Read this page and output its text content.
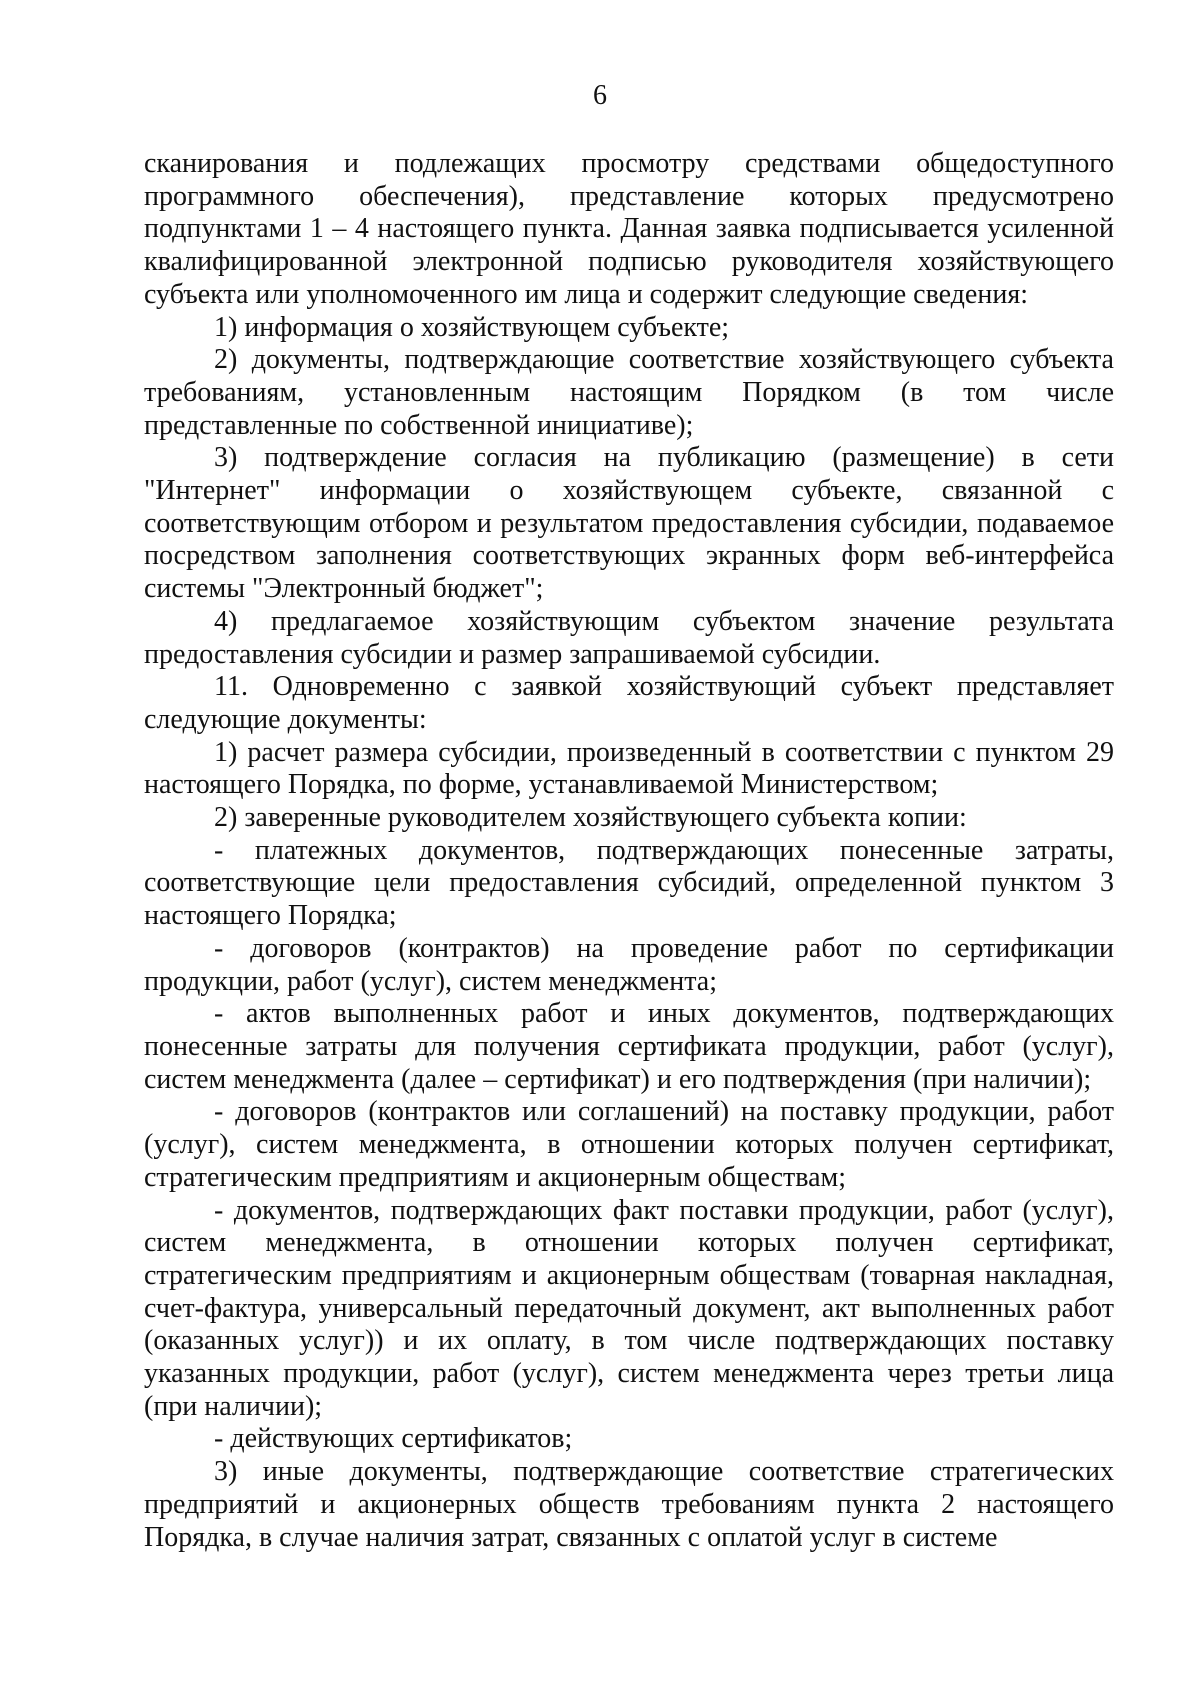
6

сканирования и подлежащих просмотру средствами общедоступного программного обеспечения), представление которых предусмотрено подпунктами 1 – 4 настоящего пункта. Данная заявка подписывается усиленной квалифицированной электронной подписью руководителя хозяйствующего субъекта или уполномоченного им лица и содержит следующие сведения:

1) информация о хозяйствующем субъекте;

2) документы, подтверждающие соответствие хозяйствующего субъекта требованиям, установленным настоящим Порядком (в том числе представленные по собственной инициативе);

3) подтверждение согласия на публикацию (размещение) в сети "Интернет" информации о хозяйствующем субъекте, связанной с соответствующим отбором и результатом предоставления субсидии, подаваемое посредством заполнения соответствующих экранных форм веб-интерфейса системы "Электронный бюджет";

4) предлагаемое хозяйствующим субъектом значение результата предоставления субсидии и размер запрашиваемой субсидии.

11. Одновременно с заявкой хозяйствующий субъект представляет следующие документы:

1) расчет размера субсидии, произведенный в соответствии с пунктом 29 настоящего Порядка, по форме, устанавливаемой Министерством;

2) заверенные руководителем хозяйствующего субъекта копии:

- платежных документов, подтверждающих понесенные затраты, соответствующие цели предоставления субсидий, определенной пунктом 3 настоящего Порядка;

- договоров (контрактов) на проведение работ по сертификации продукции, работ (услуг), систем менеджмента;

- актов выполненных работ и иных документов, подтверждающих понесенные затраты для получения сертификата продукции, работ (услуг), систем менеджмента (далее – сертификат) и его подтверждения (при наличии);

- договоров (контрактов или соглашений) на поставку продукции, работ (услуг), систем менеджмента, в отношении которых получен сертификат, стратегическим предприятиям и акционерным обществам;

- документов, подтверждающих факт поставки продукции, работ (услуг), систем менеджмента, в отношении которых получен сертификат, стратегическим предприятиям и акционерным обществам (товарная накладная, счет-фактура, универсальный передаточный документ, акт выполненных работ (оказанных услуг)) и их оплату, в том числе подтверждающих поставку указанных продукции, работ (услуг), систем менеджмента через третьи лица (при наличии);

- действующих сертификатов;

3) иные документы, подтверждающие соответствие стратегических предприятий и акционерных обществ требованиям пункта 2 настоящего Порядка, в случае наличия затрат, связанных с оплатой услуг в системе
